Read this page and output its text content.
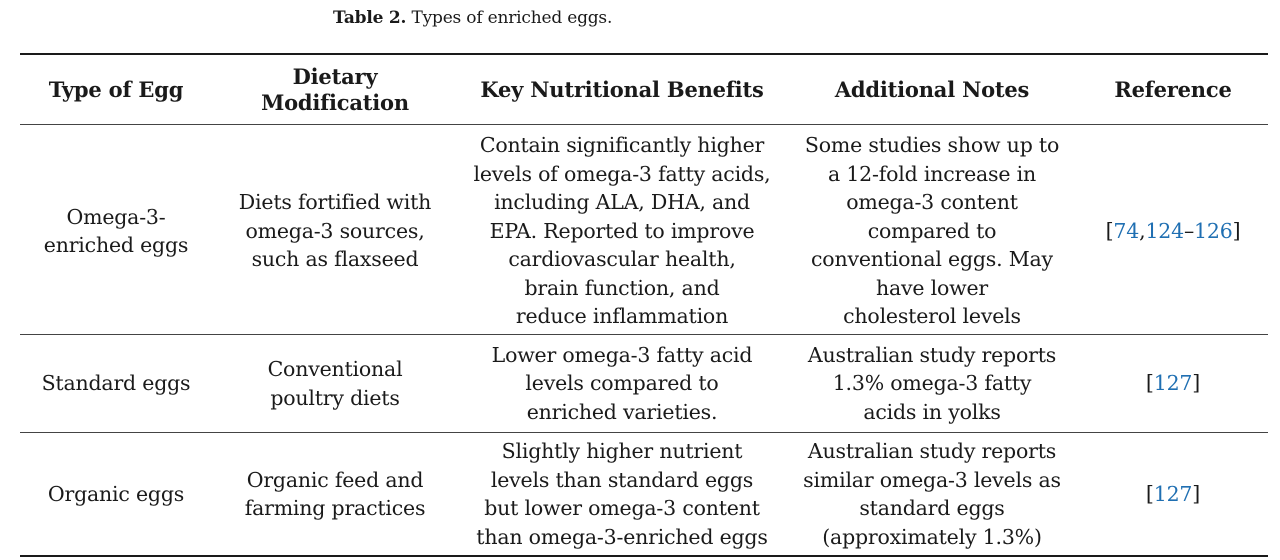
Table 2. Types of enriched eggs.
Type of Egg
Dietary
Modification
Key Nutritional Benefits	Additional Notes	Reference
Omega-3-
enriched eggs
Diets fortified with
omega-3 sources,
such as flaxseed
Contain significantly higher
levels of omega-3 fatty acids,
including ALA, DHA, and
EPA. Reported to improve
cardiovascular health,
brain function, and
reduce inflammation
Some studies show up to
a 12-fold increase in
omega-3 content
compared to
conventional eggs. May
have lower
cholesterol levels
[74,124–126]
Standard eggs
Conventional
poultry diets
Lower omega-3 fatty acid
levels compared to
enriched varieties.
Australian study reports
1.3% omega-3 fatty
acids in yolks
[127]
Organic eggs
Organic feed and
farming practices
Slightly higher nutrient
levels than standard eggs
but lower omega-3 content
than omega-3-enriched eggs
Australian study reports
similar omega-3 levels as
standard eggs
(approximately 1.3%)
[127]
